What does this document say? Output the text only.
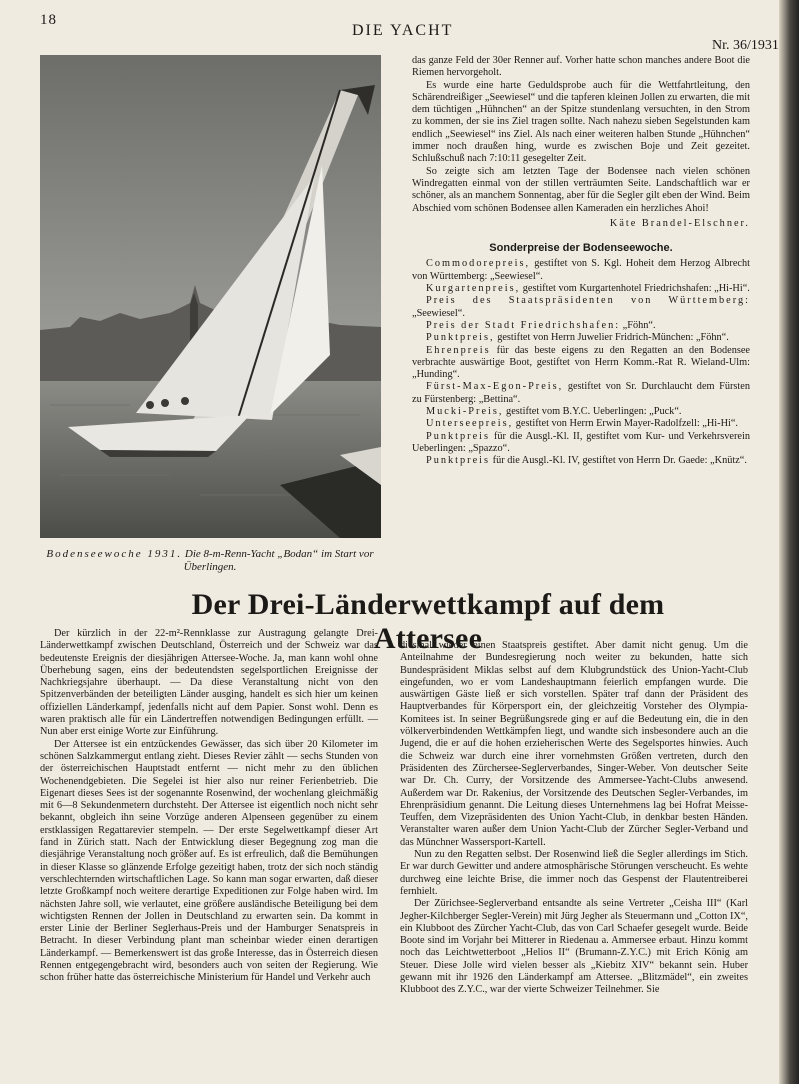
18
DIE YACHT
Nr. 36/1931
Bodenseewoche 1931. Die 8-m-Renn-Yacht „Bodan“ im Start vor Überlingen.

das ganze Feld der 30er Renner auf. Vorher hatte schon manches andere Boot die Riemen hervorgeholt.

Es wurde eine harte Geduldsprobe auch für die Wettfahrtleitung, den Schärendreißiger „Seewiesel“ und die tapferen kleinen Jollen zu erwarten, die mit dem tüchtigen „Hühnchen“ an der Spitze stundenlang versuchten, in den Strom zu kommen, der sie ins Ziel tragen sollte. Nach nahezu sieben Segelstunden kam endlich „Seewiesel“ ins Ziel. Als nach einer weiteren halben Stunde „Hühnchen“ immer noch draußen hing, wurde es zwischen Boje und Zeit gezeitet. Schlußschuß nach 7:10:11 gesegelter Zeit.

So zeigte sich am letzten Tage der Bodensee nach vielen schönen Windregatten einmal von der stillen verträumten Seite. Landschaftlich war er schöner, als an manchem Sonnentag, aber für die Segler gilt eben der Wind. Beim Abschied vom schönen Bodensee allen Kameraden ein herzliches Ahoi!

Käte Brandel-Elschner.

Sonderpreise der Bodenseewoche.

Commodorepreis, gestiftet von S. Kgl. Hoheit dem Herzog Albrecht von Württemberg: „Seewiesel“.

Kurgartenpreis, gestiftet vom Kurgartenhotel Friedrichshafen: „Hi-Hi“.

Preis des Staatspräsidenten von Württemberg: „Seewiesel“.

Preis der Stadt Friedrichshafen: „Föhn“.

Punktpreis, gestiftet von Herrn Juwelier Fridrich-München: „Föhn“.

Ehrenpreis für das beste eigens zu den Regatten an den Bodensee verbrachte auswärtige Boot, gestiftet von Herrn Komm.-Rat R. Wieland-Ulm: „Hunding“.

Fürst-Max-Egon-Preis, gestiftet von Sr. Durchlaucht dem Fürsten zu Fürstenberg: „Bettina“.

Mucki-Preis, gestiftet vom B.Y.C. Ueberlingen: „Puck“.

Unterseepreis, gestiftet von Herrn Erwin Mayer-Radolfzell: „Hi-Hi“.

Punktpreis für die Ausgl.-Kl. II, gestiftet vom Kur- und Verkehrsverein Ueberlingen: „Spazzo“.

Punktpreis für die Ausgl.-Kl. IV, gestiftet von Herrn Dr. Gaede: „Knütz“.

Der Drei-Länderwettkampf auf dem Attersee

Der kürzlich in der 22-m²-Rennklasse zur Austragung gelangte Drei-Länderwettkampf zwischen Deutschland, Österreich und der Schweiz war das bedeutenste Ereignis der diesjährigen Attersee-Woche. Ja, man kann wohl ohne Überhebung sagen, eins der bedeutendsten segelsportlichen Ereignisse der Nachkriegsjahre überhaupt. — Da diese Veranstaltung nicht von den Spitzenverbänden der beteiligten Länder ausging, handelt es sich hier um keinen offiziellen Länderkampf, jedenfalls nicht auf dem Papier. Sonst wohl. Denn es waren praktisch alle für ein Ländertreffen notwendigen Bedingungen erfüllt. — Nun aber erst einige Worte zur Einführung.

Der Attersee ist ein entzückendes Gewässer, das sich über 20 Kilometer im schönen Salzkammergut entlang zieht. Dieses Revier zählt — sechs Stunden von der österreichischen Hauptstadt entfernt — nicht mehr zu den üblichen Wochenendgebieten. Die Segelei ist hier also nur reiner Ferienbetrieb. Die Eigenart dieses Sees ist der sogenannte Rosenwind, der wochenlang gleichmäßig mit 6—8 Sekundenmetern durchsteht. Der Attersee ist eigentlich noch nicht sehr bekannt, obgleich ihn seine Vorzüge anderen Alpenseen gegenüber zu einem erstklassigen Regattarevier stempeln. — Der erste Segelwettkampf dieser Art fand in Zürich statt. Nach der Entwicklung dieser Begegnung zog man die diesjährige Veranstaltung noch größer auf. Es ist erfreulich, daß die Bemühungen in dieser Klasse so glänzende Erfolge gezeitigt haben, trotz der sich noch ständig verschlechternden wirtschaftlichen Lage. So kann man sogar erwarten, daß dieser letzte Großkampf noch weitere derartige Expeditionen zur Folge haben wird. Im nächsten Jahre soll, wie verlautet, eine größere ausländische Beteiligung bei dem wichtigsten Rennen der Jollen in Deutschland zu erwarten sein. Da kommt in erster Linie der Berliner Seglerhaus-Preis und der Hamburger Senatspreis in Betracht. In dieser Verbindung plant man scheinbar wieder einen derartigen Länderkampf. — Bemerkenswert ist das große Interesse, das in Österreich diesen Rennen entgegengebracht wird, besonders auch von seiten der Regierung. Wie schon früher hatte das österreichische Ministerium für Handel und Verkehr auch

diesmal wieder einen Staatspreis gestiftet. Aber damit nicht genug. Um die Anteilnahme der Bundesregierung noch weiter zu bekunden, hatte sich Bundespräsident Miklas selbst auf dem Klubgrundstück des Union-Yacht-Club eingefunden, wo er vom Landeshauptmann feierlich empfangen wurde. Die auswärtigen Gäste ließ er sich vorstellen. Später traf dann der Präsident des Hauptverbandes für Körpersport ein, der gleichzeitig Vorsteher des Olympia-Komitees ist. In seiner Begrüßungsrede ging er auf die Bedeutung ein, die in den völkerverbindenden Wettkämpfen liegt, und wandte sich insbesondere auch an die Jugend, die er auf die hohen erzieherischen Werte des Segelsportes hinwies. Auch die Schweiz war durch eine ihrer vornehmsten Größen vertreten, durch den Präsidenten des Zürchersee-Seglerverbandes, Singer-Weber. Von deutscher Seite war Dr. Ch. Curry, der Vorsitzende des Ammersee-Yacht-Clubs anwesend. Außerdem war Dr. Rakenius, der Vorsitzende des Deutschen Segler-Verbandes, im Ehrenpräsidium genannt. Die Leitung dieses Unternehmens lag bei Hofrat Meisse-Teuffen, dem Vizepräsidenten des Union Yacht-Club, in denkbar besten Händen. Veranstalter waren außer dem Union Yacht-Club der Zürcher Segler-Verband und das Münchner Wassersport-Kartell.

Nun zu den Regatten selbst. Der Rosenwind ließ die Segler allerdings im Stich. Er war durch Gewitter und andere atmosphärische Störungen verscheucht. Es wehte durchweg eine leichte Brise, die immer noch das Gespenst der Flautentreiberei fernhielt.

Der Zürichsee-Seglerverband entsandte als seine Vertreter „Ceisha III“ (Karl Jegher-Kilchberger Segler-Verein) mit Jürg Jegher als Steuermann und „Cotton IX“, ein Klubboot des Zürcher Yacht-Club, das von Carl Schaefer gesegelt wurde. Beide Boote sind im Vorjahr bei Mitterer in Riedenau a. Ammersee erbaut. Hinzu kommt noch das Leichtwetterboot „Helios II“ (Brumann-Z.Y.C.) mit Erich König am Steuer. Diese Jolle wird vielen besser als „Kiebitz XIV“ bekannt sein. Huber gewann mit ihr 1926 den Länderkampf am Attersee. „Blitzmädel“, ein zweites Klubboot des Z.Y.C., war der vierte Schweizer Teilnehmer. Sie
